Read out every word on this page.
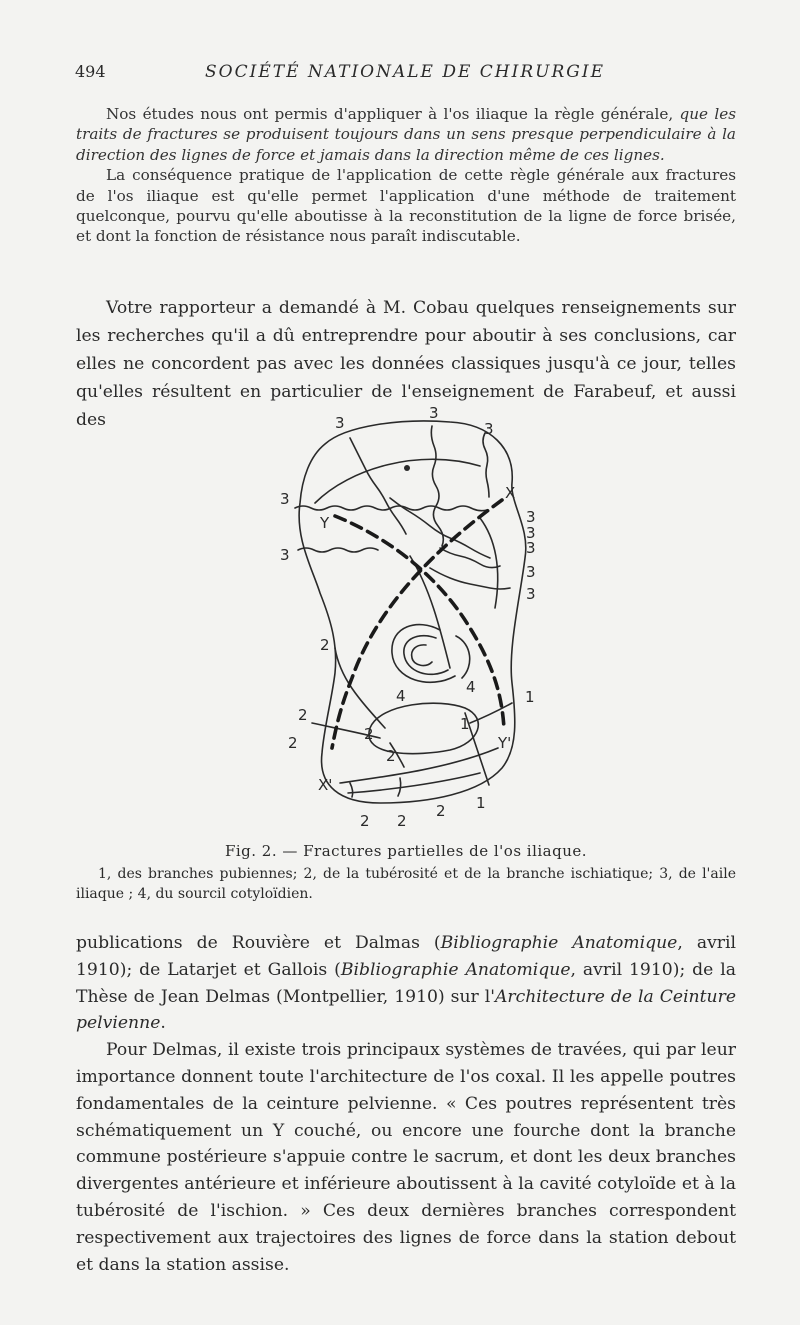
494	SOCIÉTÉ NATIONALE DE CHIRURGIE

Nos études nous ont permis d'appliquer à l'os iliaque la règle générale, que les traits de fractures se produisent toujours dans un sens presque perpendiculaire à la direction des lignes de force et jamais dans la direction même de ces lignes.

La conséquence pratique de l'application de cette règle générale aux fractures de l'os iliaque est qu'elle permet l'application d'une méthode de traitement quelconque, pourvu qu'elle aboutisse à la reconstitution de la ligne de force brisée, et dont la fonction de résistance nous paraît indiscutable.

Votre rapporteur a demandé à M. Cobau quelques renseignements sur les recherches qu'il a dû entreprendre pour aboutir à ses conclusions, car elles ne concordent pas avec les données classiques jusqu'à ce jour, telles qu'elles résultent en particulier de l'enseignement de Farabeuf, et aussi des	3
3
3
3
3
3
3
3
3
3
X
Y
2
2
2	2
2
2
2 2
4	4
1
1
1
Y'
X'
Fig. 2. — Fractures partielles de l'os iliaque.

1, des branches pubiennes; 2, de la tubérosité et de la branche ischiatique; 3, de l'aile iliaque ; 4, du sourcil cotyloïdien.

publications de Rouvière et Dalmas (Bibliographie Anatomique, avril 1910); de Latarjet et Gallois (Bibliographie Anatomique, avril 1910); de la Thèse de Jean Delmas (Montpellier, 1910) sur l'Architecture de la Ceinture pelvienne.

Pour Delmas, il existe trois principaux systèmes de travées, qui par leur importance donnent toute l'architecture de l'os coxal. Il les appelle poutres fondamentales de la ceinture pelvienne. « Ces poutres représentent très schématiquement un Y couché, ou encore une fourche dont la branche commune postérieure s'appuie contre le sacrum, et dont les deux branches divergentes antérieure et inférieure aboutissent à la cavité cotyloïde et à la tubérosité de l'ischion. » Ces deux dernières branches correspondent respectivement aux trajectoires des lignes de force dans la station debout et dans la station assise.
